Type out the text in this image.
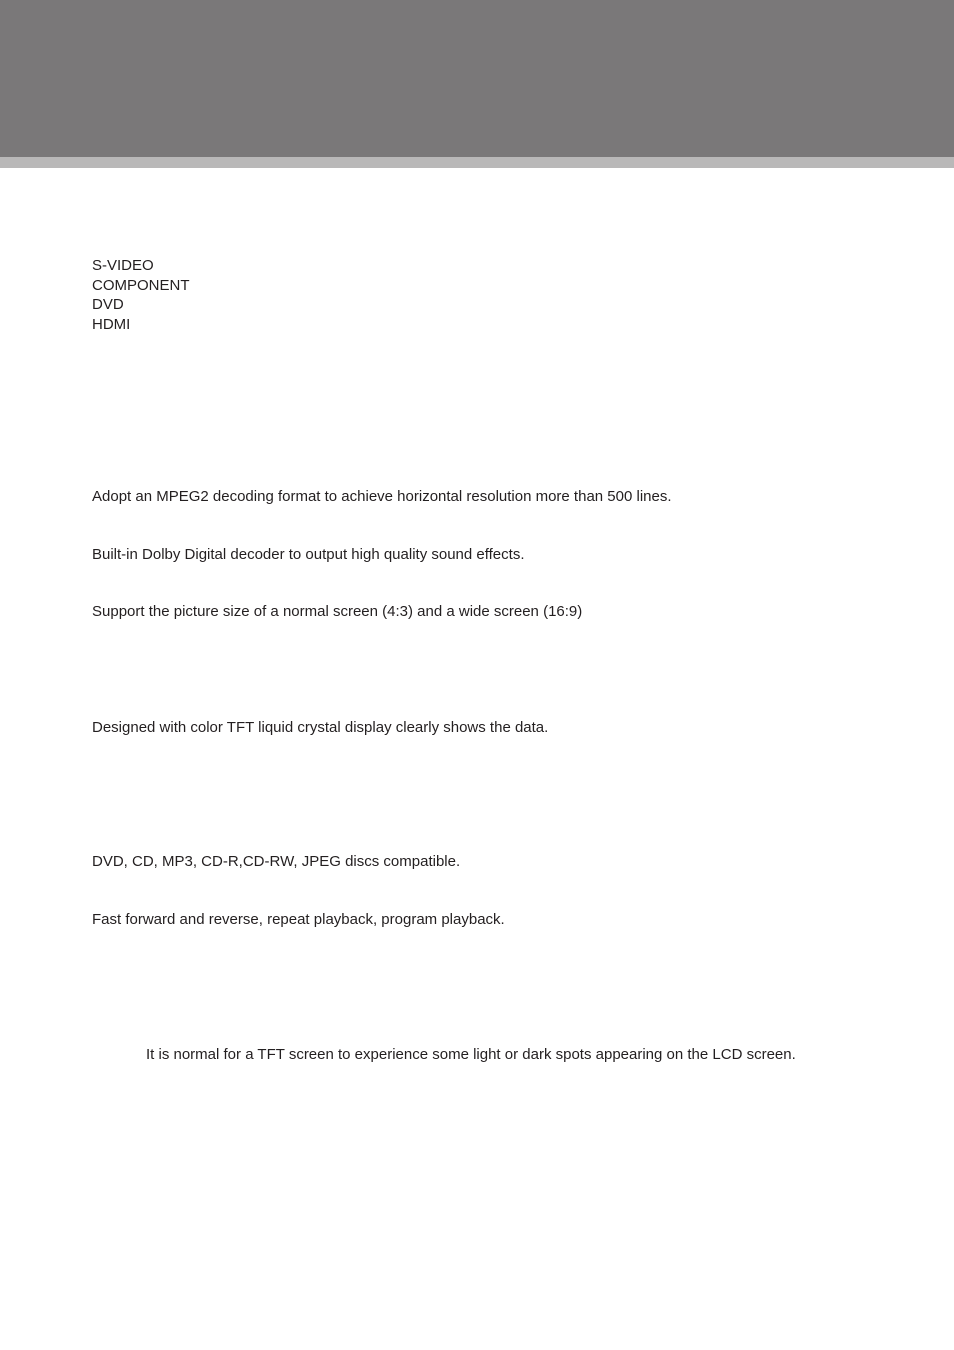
S-VIDEO
COMPONENT
DVD
HDMI

Adopt an MPEG2 decoding format to achieve horizontal resolution more than 500 lines.

Built-in Dolby Digital decoder to output high quality sound effects.

Support the picture size of a normal screen (4:3) and a wide screen (16:9)

Designed with color TFT liquid crystal display clearly shows the data.

DVD, CD, MP3, CD-R,CD-RW, JPEG discs compatible.

Fast forward and reverse, repeat playback, program playback.

It is normal for a TFT screen to experience some light or dark spots appearing on the LCD screen.
